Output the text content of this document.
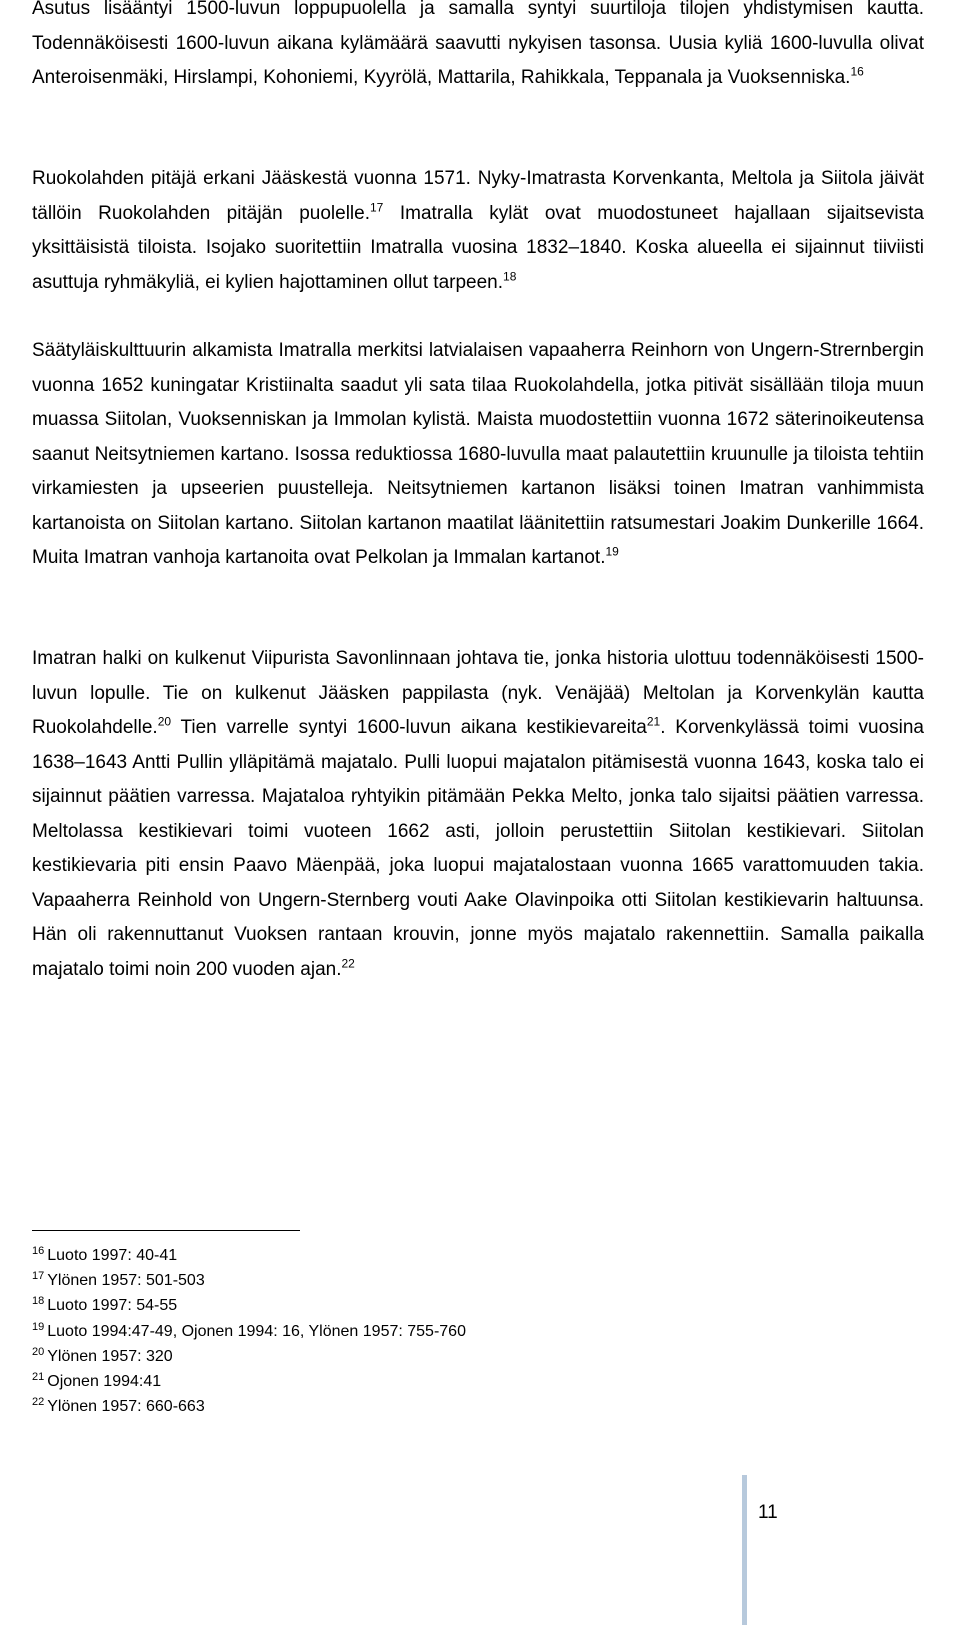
Asutus lisääntyi 1500-luvun loppupuolella ja samalla syntyi suurtiloja tilojen yhdistymisen kautta. Todennäköisesti 1600-luvun aikana kylämäärä saavutti nykyisen tasonsa. Uusia kyliä 1600-luvulla olivat Anteroisenmäki, Hirslampi, Kohoniemi, Kyyrölä, Mattarila, Rahikkala, Teppanala ja Vuoksenniska.$^{16}$

Ruokolahden pitäjä erkani Jääskestä vuonna 1571. Nyky-Imatrasta Korvenkanta, Meltola ja Siitola jäivät tällöin Ruokolahden pitäjän puolelle.$^{17}$ Imatralla kylät ovat muodostuneet hajallaan sijaitsevista yksittäisistä tiloista. Isojako suoritettiin Imatralla vuosina 1832–1840. Koska alueella ei sijainnut tiiviisti asuttuja ryhmäkyliä, ei kylien hajottaminen ollut tarpeen.$^{18}$

Säätyläiskulttuurin alkamista Imatralla merkitsi latvialaisen vapaaherra Reinhorn von Ungern-Strernbergin vuonna 1652 kuningatar Kristiinalta saadut yli sata tilaa Ruokolahdella, jotka pitivät sisällään tiloja muun muassa Siitolan, Vuoksenniskan ja Immolan kylistä. Maista muodostettiin vuonna 1672 säterinoikeutensa saanut Neitsytniemen kartano. Isossa reduktiossa 1680-luvulla maat palautettiin kruunulle ja tiloista tehtiin virkamiesten ja upseerien puustelleja. Neitsytniemen kartanon lisäksi toinen Imatran vanhimmista kartanoista on Siitolan kartano. Siitolan kartanon maatilat läänitettiin ratsumestari Joakim Dunkerille 1664. Muita Imatran vanhoja kartanoita ovat Pelkolan ja Immalan kartanot.$^{19}$

Imatran halki on kulkenut Viipurista Savonlinnaan johtava tie, jonka historia ulottuu todennäköisesti 1500-luvun lopulle. Tie on kulkenut Jääsken pappilasta (nyk. Venäjää) Meltolan ja Korvenkylän kautta Ruokolahdelle.$^{20}$ Tien varrelle syntyi 1600-luvun aikana kestikievareita$^{21}$. Korvenkylässä toimi vuosina 1638–1643 Antti Pullin ylläpitämä majatalo. Pulli luopui majatalon pitämisestä vuonna 1643, koska talo ei sijainnut päätien varressa. Majataloa ryhtyikin pitämään Pekka Melto, jonka talo sijaitsi päätien varressa. Meltolassa kestikievari toimi vuoteen 1662 asti, jolloin perustettiin Siitolan kestikievari. Siitolan kestikievaria piti ensin Paavo Mäenpää, joka luopui majatalostaan vuonna 1665 varattomuuden takia. Vapaaherra Reinhold von Ungern-Sternberg vouti Aake Olavinpoika otti Siitolan kestikievarin haltuunsa. Hän oli rakennuttanut Vuoksen rantaan krouvin, jonne myös majatalo rakennettiin. Samalla paikalla majatalo toimi noin 200 vuoden ajan.$^{22}$

$^{16}$ Luoto 1997: 40-41
$^{17}$ Ylönen 1957: 501-503
$^{18}$ Luoto 1997: 54-55
$^{19}$ Luoto 1994:47-49, Ojonen 1994: 16, Ylönen 1957: 755-760
$^{20}$ Ylönen 1957: 320
$^{21}$ Ojonen 1994:41
$^{22}$ Ylönen 1957: 660-663
11
